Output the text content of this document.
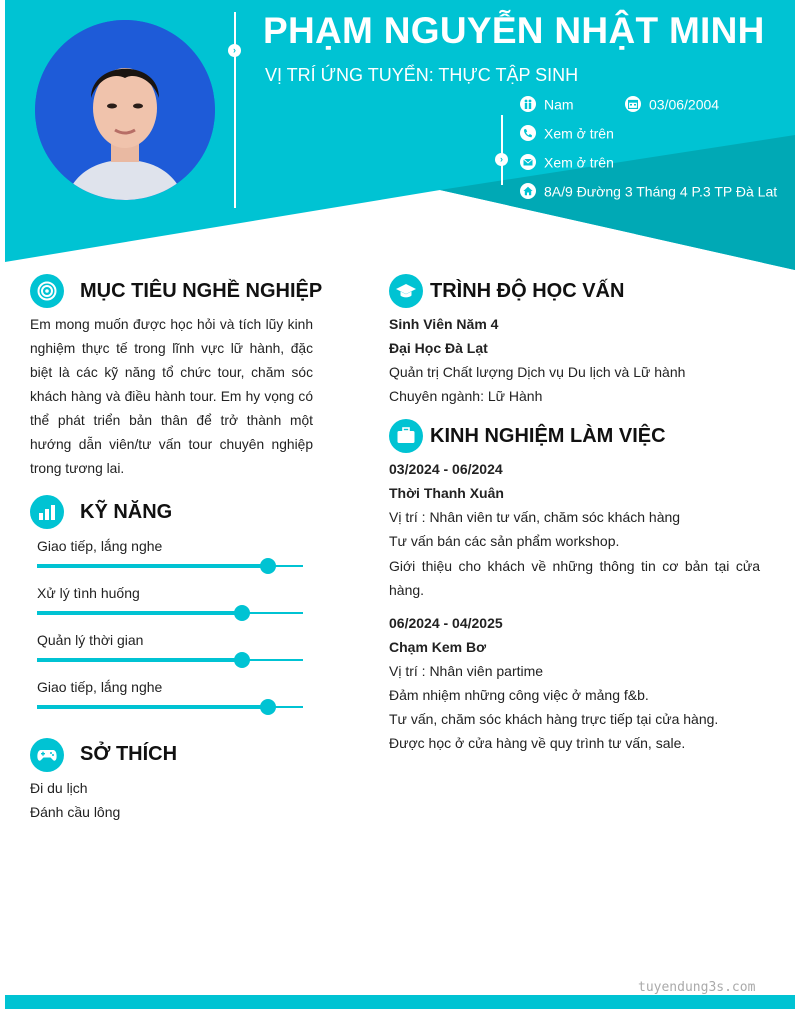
›
›
PHẠM NGUYỄN NHẬT MINH
VỊ TRÍ ỨNG TUYỂN: THỰC TẬP SINH
Nam	03/06/2004
Xem ở trên
Xem ở trên
8A/9 Đường 3 Tháng 4 P.3 TP Đà Lat
MỤC TIÊU NGHỀ NGHIỆP
Em mong muốn được học hỏi và tích lũy kinh nghiệm thực tế trong lĩnh vực lữ hành, đặc biệt là các kỹ năng tổ chức tour, chăm sóc khách hàng và điều hành tour. Em hy vọng có thể phát triển bản thân để trở thành một hướng dẫn viên/tư vấn tour chuyên nghiệp trong tương lai.
KỸ NĂNG
Giao tiếp, lắng nghe
Xử lý tình huống
Quản lý thời gian
Giao tiếp, lắng nghe
SỞ THÍCH
Đi du lịch
Đánh cầu lông
TRÌNH ĐỘ HỌC VẤN
Sinh Viên Năm 4
Đại Học Đà Lạt
Quản trị Chất lượng Dịch vụ Du lịch và Lữ hành
Chuyên ngành: Lữ Hành
KINH NGHIỆM LÀM VIỆC
03/2024 - 06/2024
Thời Thanh Xuân
Vị trí : Nhân viên tư vấn, chăm sóc khách hàng
Tư vấn bán các sản phẩm workshop.
Giới thiệu cho khách về những thông tin cơ bản tại cửa hàng.
06/2024 - 04/2025
Chạm Kem Bơ
Vị trí : Nhân viên partime
Đảm nhiệm những công việc ở mảng f&b.
Tư vấn, chăm sóc khách hàng trực tiếp tại cửa hàng.
Được học ở cửa hàng về quy trình tư vấn, sale.
tuyendung3s.com
